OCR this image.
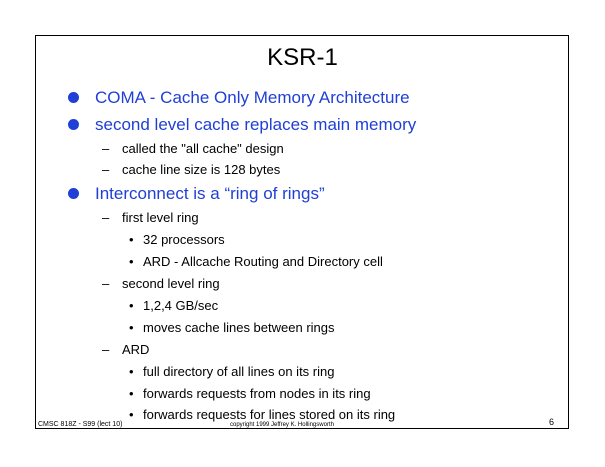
KSR-1
COMA - Cache Only Memory Architecture
second level cache replaces main memory
– called the "all cache" design
– cache line size is 128 bytes
Interconnect is a “ring of rings”
– first level ring
• 32 processors
• ARD - Allcache Routing and Directory cell
– second level ring
• 1,2,4 GB/sec
• moves cache lines between rings
– ARD
• full directory of all lines on its ring
• forwards requests from nodes in its ring
• forwards requests for lines stored on its ring
CMSC 818Z - S99 (lect 10)	copyright 1999 Jeffrey K. Hollingsworth	6
